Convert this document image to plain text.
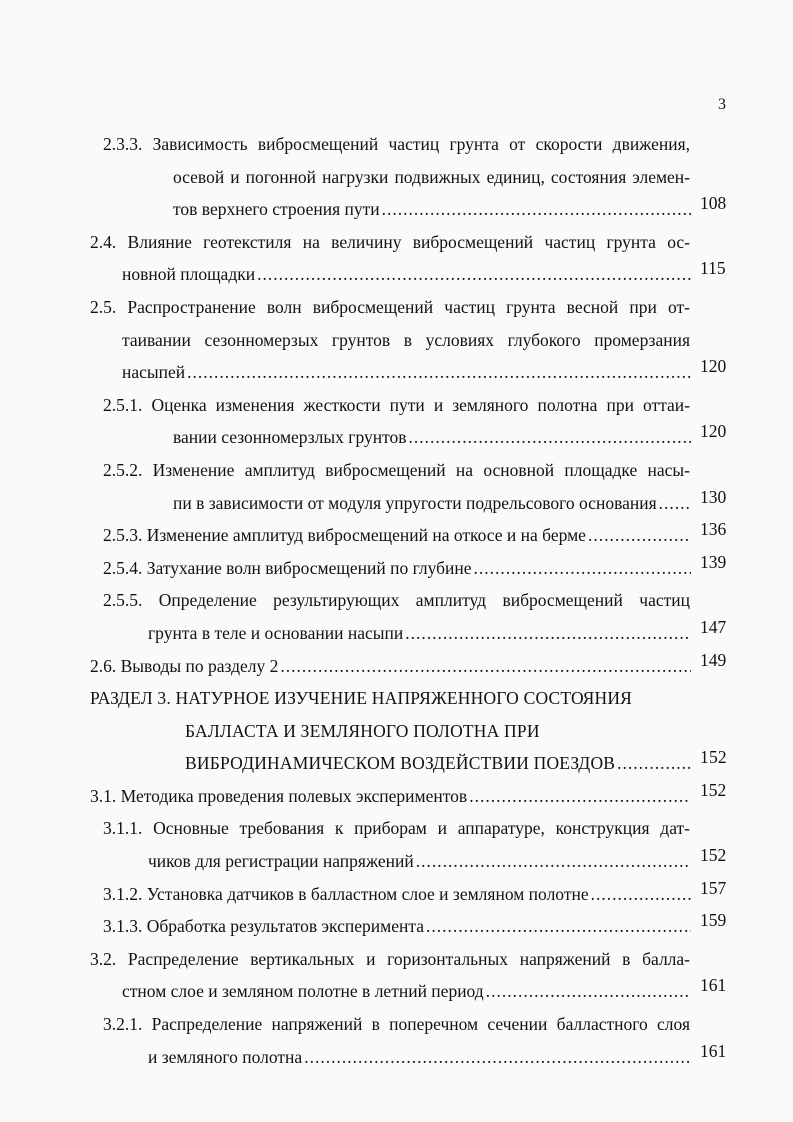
3
2.3.3. Зависимость вибросмещений частиц грунта от скорости движения,
осевой и погонной нагрузки подвижных единиц, состояния элемен-
тов верхнего строения пути .....	108
2.4. Влияние геотекстиля на величину вибросмещений частиц грунта ос-
новной площадки .....	115
2.5. Распространение волн вибросмещений частиц грунта весной при от-
таивании сезонномерзых грунтов в условиях глубокого промерзания
насыпей .....	120
2.5.1. Оценка изменения жесткости пути и земляного полотна при оттаи-
вании сезонномерзлых грунтов .....	120
2.5.2. Изменение амплитуд вибросмещений на основной площадке насы-
пи в зависимости от модуля упругости подрельсового основания ..... 130
2.5.3. Изменение амплитуд вибросмещений на откосе и на берме .....	136
2.5.4. Затухание волн вибросмещений по глубине .....	139
2.5.5. Определение результирующих амплитуд вибросмещений частиц
грунта в теле и основании насыпи .....	147
2.6. Выводы по разделу 2 .....	149
РАЗДЕЛ 3. НАТУРНОЕ ИЗУЧЕНИЕ НАПРЯЖЕННОГО СОСТОЯНИЯ
БАЛЛАСТА И ЗЕМЛЯНОГО ПОЛОТНА ПРИ
ВИБРОДИНАМИЧЕСКОМ ВОЗДЕЙСТВИИ ПОЕЗДОВ .....	152
3.1. Методика проведения полевых экспериментов .....	152
3.1.1. Основные требования к приборам и аппаратуре, конструкция дат-
чиков для регистрации напряжений .....	152
3.1.2. Установка датчиков в балластном слое и земляном полотне .....	157
3.1.3. Обработка результатов эксперимента .....	159
3.2. Распределение вертикальных и горизонтальных напряжений в балла-
стном слое и земляном полотне в летний период .....	161
3.2.1. Распределение напряжений в поперечном сечении балластного слоя
и земляного полотна .....	161
